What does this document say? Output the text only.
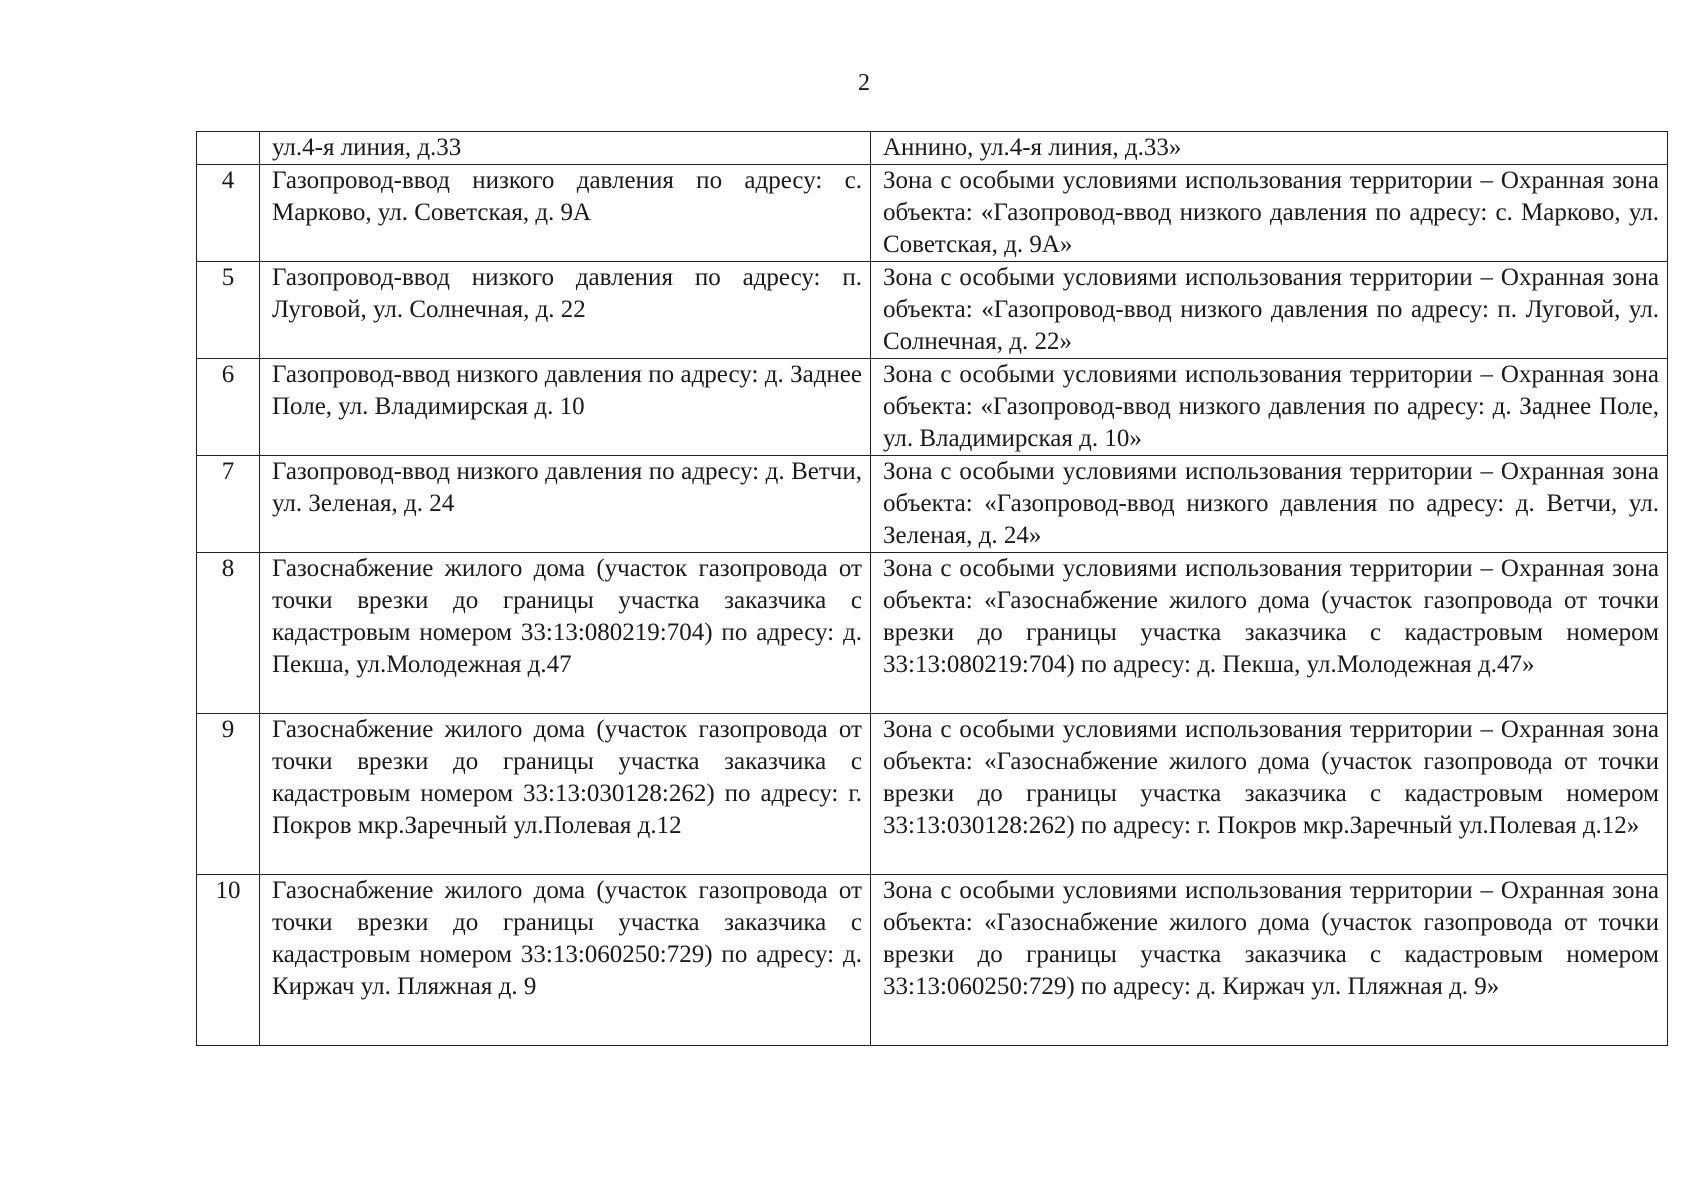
2

	ул.4-я линия, д.33	Аннино, ул.4-я линия, д.33»

4	Газопровод-ввод низкого давления по адресу: с. Марково, ул. Советская, д. 9А	Зона с особыми условиями использования территории – Охранная зона объекта: «Газопровод-ввод низкого давления по адресу: с. Марково, ул. Советская, д. 9А»

5	Газопровод-ввод низкого давления по адресу: п. Луговой, ул. Солнечная, д. 22	Зона с особыми условиями использования территории – Охранная зона объекта: «Газопровод-ввод низкого давления по адресу: п. Луговой, ул. Солнечная, д. 22»

6	Газопровод-ввод низкого давления по адресу: д. Заднее Поле, ул. Владимирская д. 10	Зона с особыми условиями использования территории – Охранная зона объекта: «Газопровод-ввод низкого давления по адресу: д. Заднее Поле, ул. Владимирская д. 10»

7	Газопровод-ввод низкого давления по адресу: д. Ветчи, ул. Зеленая, д. 24	Зона с особыми условиями использования территории – Охранная зона объекта: «Газопровод-ввод низкого давления по адресу: д. Ветчи, ул. Зеленая, д. 24»

8	Газоснабжение жилого дома (участок газопровода от точки врезки до границы участка заказчика с кадастровым номером 33:13:080219:704) по адресу: д. Пекша, ул.Молодежная д.47	Зона с особыми условиями использования территории – Охранная зона объекта: «Газоснабжение жилого дома (участок газопровода от точки врезки до границы участка заказчика с кадастровым номером 33:13:080219:704) по адресу: д. Пекша, ул.Молодежная д.47»

9	Газоснабжение жилого дома (участок газопровода от точки врезки до границы участка заказчика с кадастровым номером 33:13:030128:262) по адресу: г. Покров мкр.Заречный ул.Полевая д.12	Зона с особыми условиями использования территории – Охранная зона объекта: «Газоснабжение жилого дома (участок газопровода от точки врезки до границы участка заказчика с кадастровым номером 33:13:030128:262) по адресу: г. Покров мкр.Заречный ул.Полевая д.12»

10	Газоснабжение жилого дома (участок газопровода от точки врезки до границы участка заказчика с кадастровым номером 33:13:060250:729) по адресу: д. Киржач ул. Пляжная д. 9	Зона с особыми условиями использования территории – Охранная зона объекта: «Газоснабжение жилого дома (участок газопровода от точки врезки до границы участка заказчика с кадастровым номером 33:13:060250:729) по адресу: д. Киржач ул. Пляжная д. 9»
